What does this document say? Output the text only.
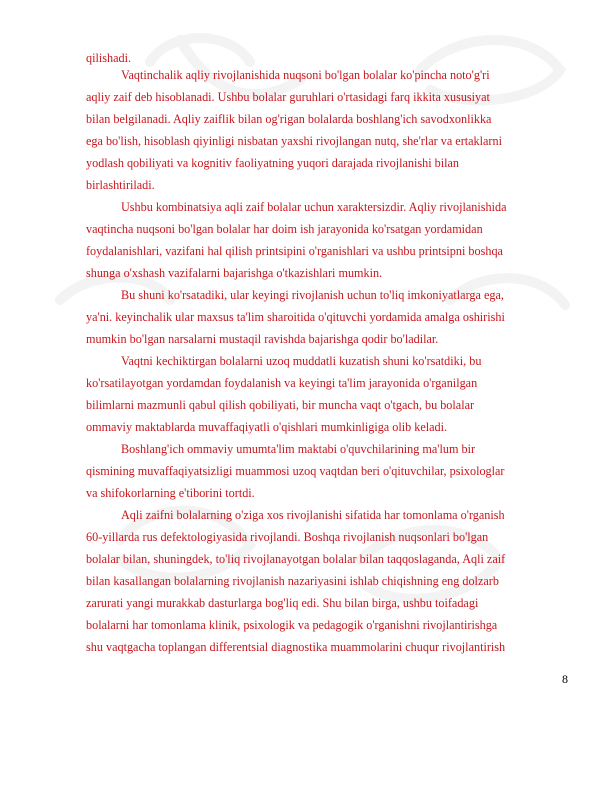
qilishadi.
Vaqtinchalik aqliy rivojlanishida nuqsoni bo'lgan bolalar ko'pincha noto'g'ri
aqliy zaif deb hisoblanadi. Ushbu bolalar guruhlari o'rtasidagi farq ikkita xususiyat
bilan belgilanadi. Aqliy zaiflik bilan og'rigan bolalarda boshlang'ich savodxonlikka
ega bo'lish, hisoblash qiyinligi nisbatan yaxshi rivojlangan nutq, she'rlar va ertaklarni
yodlash qobiliyati va kognitiv faoliyatning yuqori darajada rivojlanishi bilan
birlashtiriladi.
Ushbu kombinatsiya aqli zaif bolalar uchun xaraktersizdir. Aqliy rivojlanishida
vaqtincha nuqsoni bo'lgan bolalar har doim ish jarayonida ko'rsatgan yordamidan
foydalanishlari, vazifani hal qilish printsipini o'rganishlari va ushbu printsipni boshqa
shunga o'xshash vazifalarni bajarishga o'tkazishlari mumkin.
Bu shuni ko'rsatadiki, ular keyingi rivojlanish uchun to'liq imkoniyatlarga ega,
ya'ni. keyinchalik ular maxsus ta'lim sharoitida o'qituvchi yordamida amalga oshirishi
mumkin bo'lgan narsalarni mustaqil ravishda bajarishga qodir bo'ladilar.
Vaqtni kechiktirgan bolalarni uzoq muddatli kuzatish shuni ko'rsatdiki, bu
ko'rsatilayotgan yordamdan foydalanish va keyingi ta'lim jarayonida o'rganilgan
bilimlarni mazmunli qabul qilish qobiliyati, bir muncha vaqt o'tgach, bu bolalar
ommaviy maktablarda muvaffaqiyatli o'qishlari mumkinligiga olib keladi.
Boshlang'ich ommaviy umumta'lim maktabi o'quvchilarining ma'lum bir
qismining muvaffaqiyatsizligi muammosi uzoq vaqtdan beri o'qituvchilar, psixologlar
va shifokorlarning e'tiborini tortdi.
Aqli zaifni bolalarning o'ziga xos rivojlanishi sifatida har tomonlama o'rganish
60-yillarda rus defektologiyasida rivojlandi. Boshqa rivojlanish nuqsonlari bo'lgan
bolalar bilan, shuningdek, to'liq rivojlanayotgan bolalar bilan taqqoslaganda, Aqli zaif
bilan kasallangan bolalarning rivojlanish nazariyasini ishlab chiqishning eng dolzarb
zarurati yangi murakkab dasturlarga bog'liq edi. Shu bilan birga, ushbu toifadagi
bolalarni har tomonlama klinik, psixologik va pedagogik o'rganishni rivojlantirishga
shu vaqtgacha toplangan differentsial diagnostika muammolarini chuqur rivojlantirish
8
